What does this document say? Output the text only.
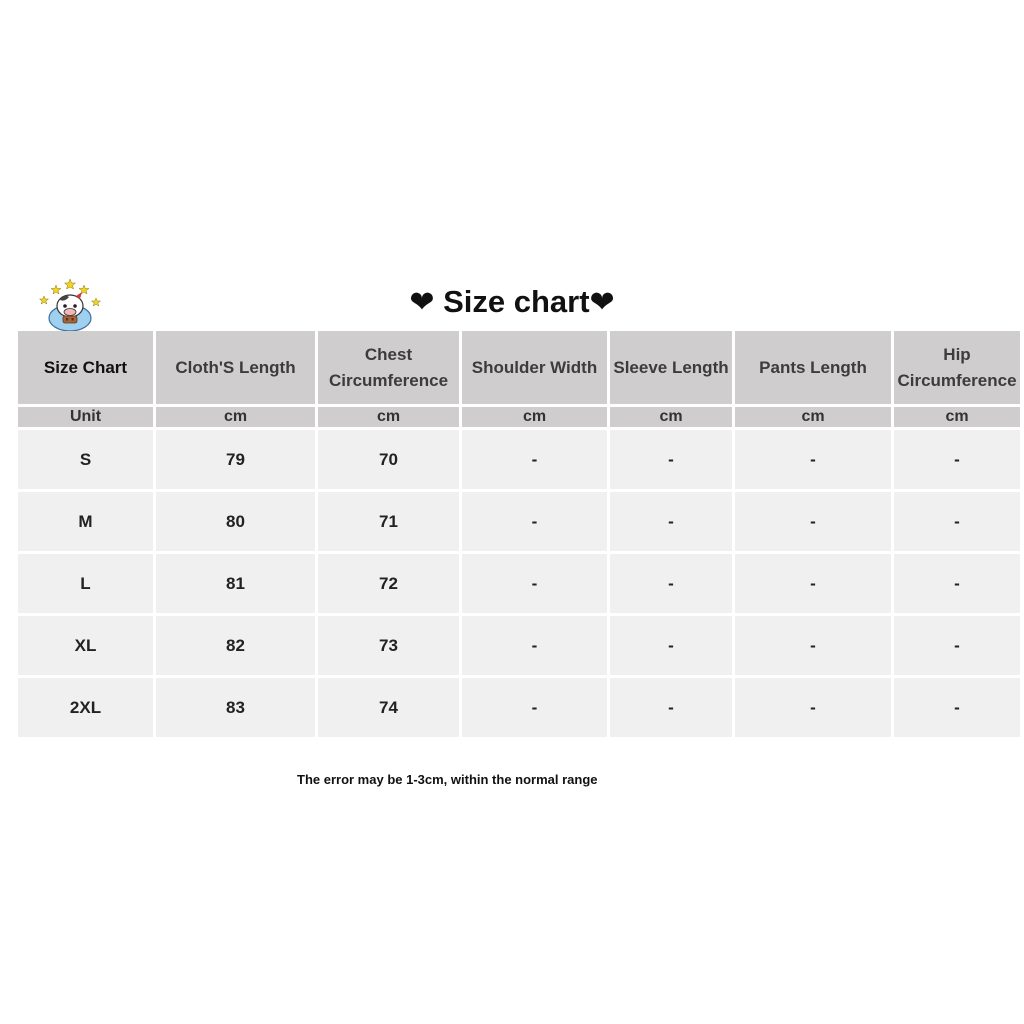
❤ Size chart❤
Size Chart	Cloth'S Length	Chest Circumference	Shoulder Width	Sleeve Length	Pants Length	Hip Circumference
Unit	cm	cm	cm	cm	cm	cm
S	79	70	-	-	-	-
M	80	71	-	-	-	-
L	81	72	-	-	-	-
XL	82	73	-	-	-	-
2XL	83	74	-	-	-	-
The error may be 1-3cm, within the normal range
